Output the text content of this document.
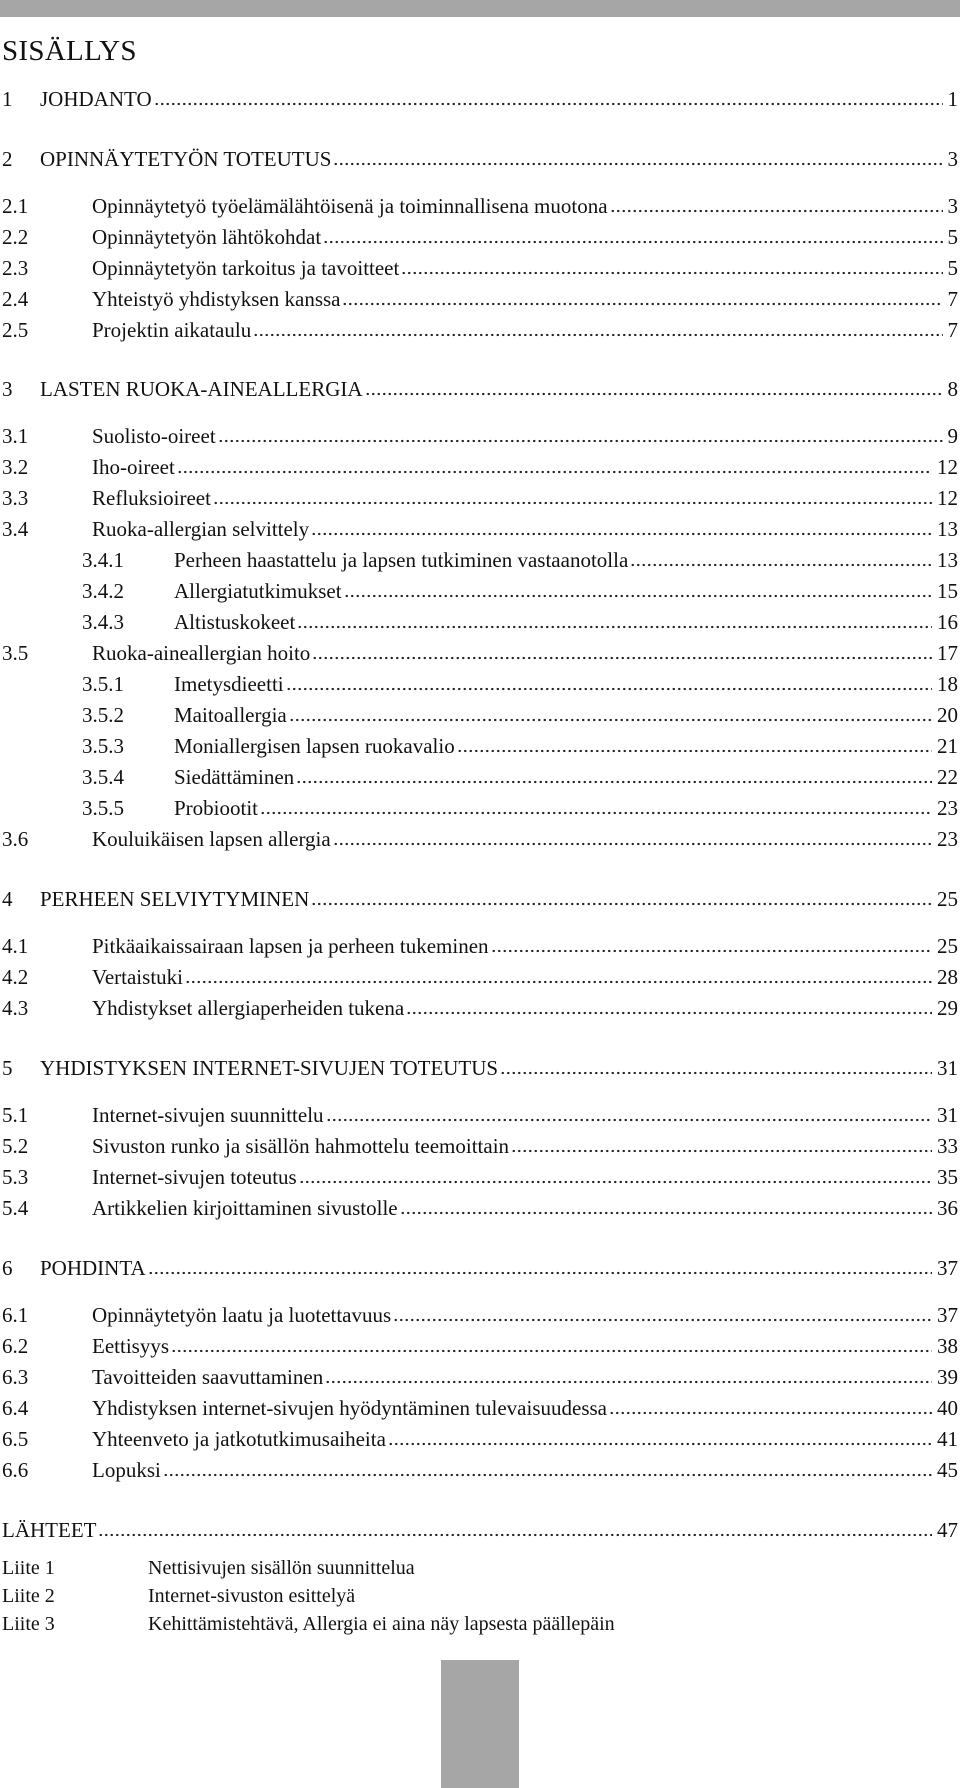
SISÄLLYS
1	JOHDANTO	1
2	OPINNÄYTETYÖN TOTEUTUS	3
2.1	Opinnäytetyö työelämälähtöisenä ja toiminnallisena muotona	3
2.2	Opinnäytetyön lähtökohdat	5
2.3	Opinnäytetyön tarkoitus ja tavoitteet	5
2.4	Yhteistyö yhdistyksen kanssa	7
2.5	Projektin aikataulu	7
3	LASTEN RUOKA-AINEALLERGIA	8
3.1	Suolisto-oireet	9
3.2	Iho-oireet	12
3.3	Refluksioireet	12
3.4	Ruoka-allergian selvittely	13
3.4.1	Perheen haastattelu ja lapsen tutkiminen vastaanotolla	13
3.4.2	Allergiatutkimukset	15
3.4.3	Altistuskokeet	16
3.5	Ruoka-aineallergian hoito	17
3.5.1	Imetysdieetti	18
3.5.2	Maitoallergia	20
3.5.3	Moniallergisen lapsen ruokavalio	21
3.5.4	Siedättäminen	22
3.5.5	Probiootit	23
3.6	Kouluikäisen lapsen allergia	23
4	PERHEEN SELVIYTYMINEN	25
4.1	Pitkäaikaissairaan lapsen ja perheen tukeminen	25
4.2	Vertaistuki	28
4.3	Yhdistykset allergiaperheiden tukena	29
5	YHDISTYKSEN INTERNET-SIVUJEN TOTEUTUS	31
5.1	Internet-sivujen suunnittelu	31
5.2	Sivuston runko ja sisällön hahmottelu teemoittain	33
5.3	Internet-sivujen toteutus	35
5.4	Artikkelien kirjoittaminen sivustolle	36
6	POHDINTA	37
6.1	Opinnäytetyön laatu ja luotettavuus	37
6.2	Eettisyys	38
6.3	Tavoitteiden saavuttaminen	39
6.4	Yhdistyksen internet-sivujen hyödyntäminen tulevaisuudessa	40
6.5	Yhteenveto ja jatkotutkimusaiheita	41
6.6	Lopuksi	45
LÄHTEET	47
Liite 1	Nettisivujen sisällön suunnittelua
Liite 2	Internet-sivuston esittelyä
Liite 3	Kehittämistehtävä, Allergia ei aina näy lapsesta päällepäin
